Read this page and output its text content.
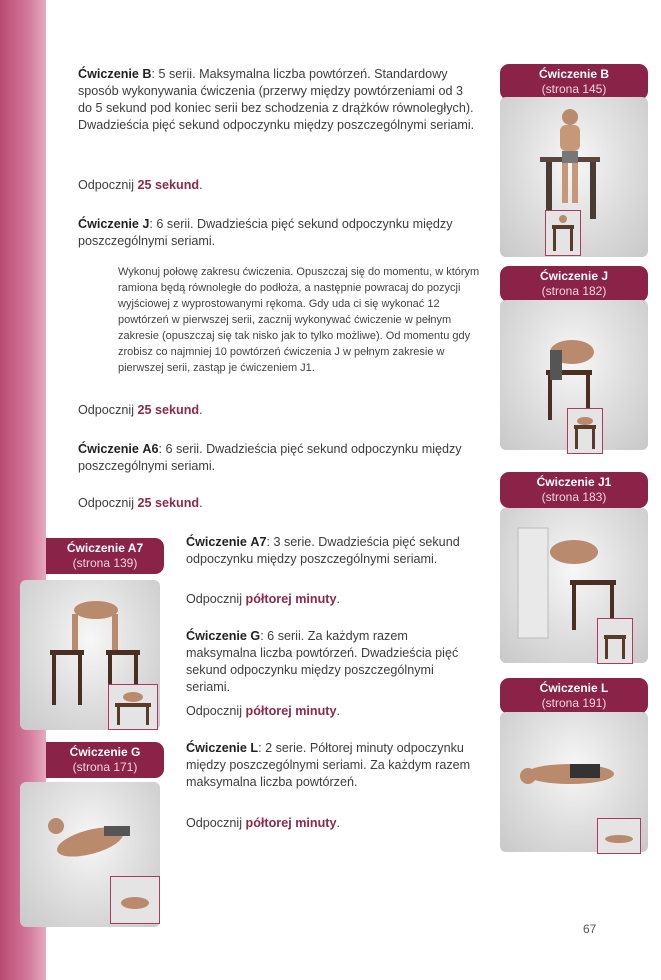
Ćwiczenie B: 5 serii. Maksymalna liczba powtórzeń. Standardowy sposób wykonywania ćwiczenia (przerwy między powtórzeniami od 3 do 5 sekund pod koniec serii bez schodzenia z drążków równoległych). Dwadzieścia pięć sekund odpoczynku między poszczególnymi seriami.
Odpocznij 25 sekund.
Ćwiczenie J: 6 serii. Dwadzieścia pięć sekund odpoczynku między poszczególnymi seriami.
Wykonuj połowę zakresu ćwiczenia. Opuszczaj się do momentu, w którym ramiona będą równoległe do podłoża, a następnie powracaj do pozycji wyjściowej z wyprostowanymi rękoma. Gdy uda ci się wykonać 12 powtórzeń w pierwszej serii, zacznij wykonywać ćwiczenie w pełnym zakresie (opuszczaj się tak nisko jak to tylko możliwe). Od momentu gdy zrobisz co najmniej 10 powtórzeń ćwiczenia J w pełnym zakresie w pierwszej serii, zastąp je ćwiczeniem J1.
Odpocznij 25 sekund.
Ćwiczenie A6: 6 serii. Dwadzieścia pięć sekund odpoczynku między poszczególnymi seriami.
Odpocznij 25 sekund.
Ćwiczenie A7: 3 serie. Dwadzieścia pięć sekund odpoczynku między poszczególnymi seriami.
Odpocznij półtorej minuty.
Ćwiczenie G: 6 serii. Za każdym razem maksymalna liczba powtórzeń. Dwadzieścia pięć sekund odpoczynku między poszczególnymi seriami.
Odpocznij półtorej minuty.
Ćwiczenie L: 2 serie. Półtorej minuty odpoczynku między poszczególnymi seriami. Za każdym razem maksymalna liczba powtórzeń.
Odpocznij półtorej minuty.
Ćwiczenie B
(strona 145)
Ćwiczenie J
(strona 182)
Ćwiczenie J1
(strona 183)
Ćwiczenie L
(strona 191)
Ćwiczenie A7
(strona 139)
Ćwiczenie G
(strona 171)
67
